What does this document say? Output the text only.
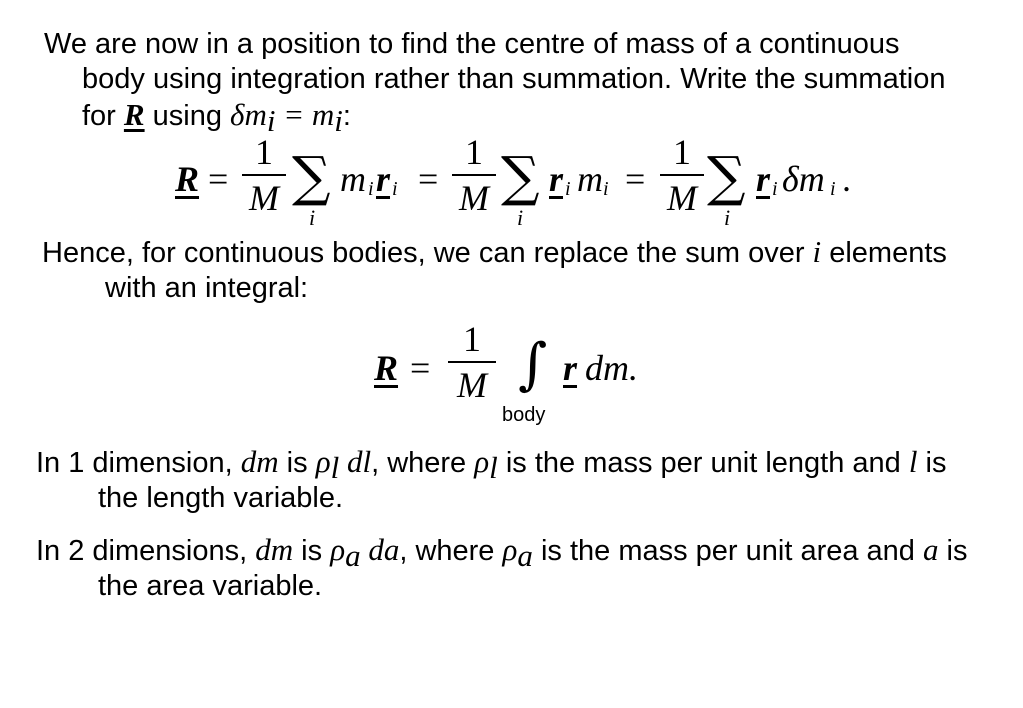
We are now in a position to find the centre of mass of a continuous body using integration rather than summation. Write the summation for R using $\delta m_i = m_i$:

R =
1
M ∑
i
m i r i =
1
M ∑
i
r i m i =
1
M ∑
i
r i δm i .

Hence, for continuous bodies, we can replace the sum over i elements with an integral:

R =
1
M ∫
body
r dm.

In 1 dimension, dm is $\rho_l$ dl, where $\rho_l$ is the mass per unit length and l is the length variable.

In 2 dimensions, dm is $\rho_a$ da, where $\rho_a$ is the mass per unit area and a is the area variable.
